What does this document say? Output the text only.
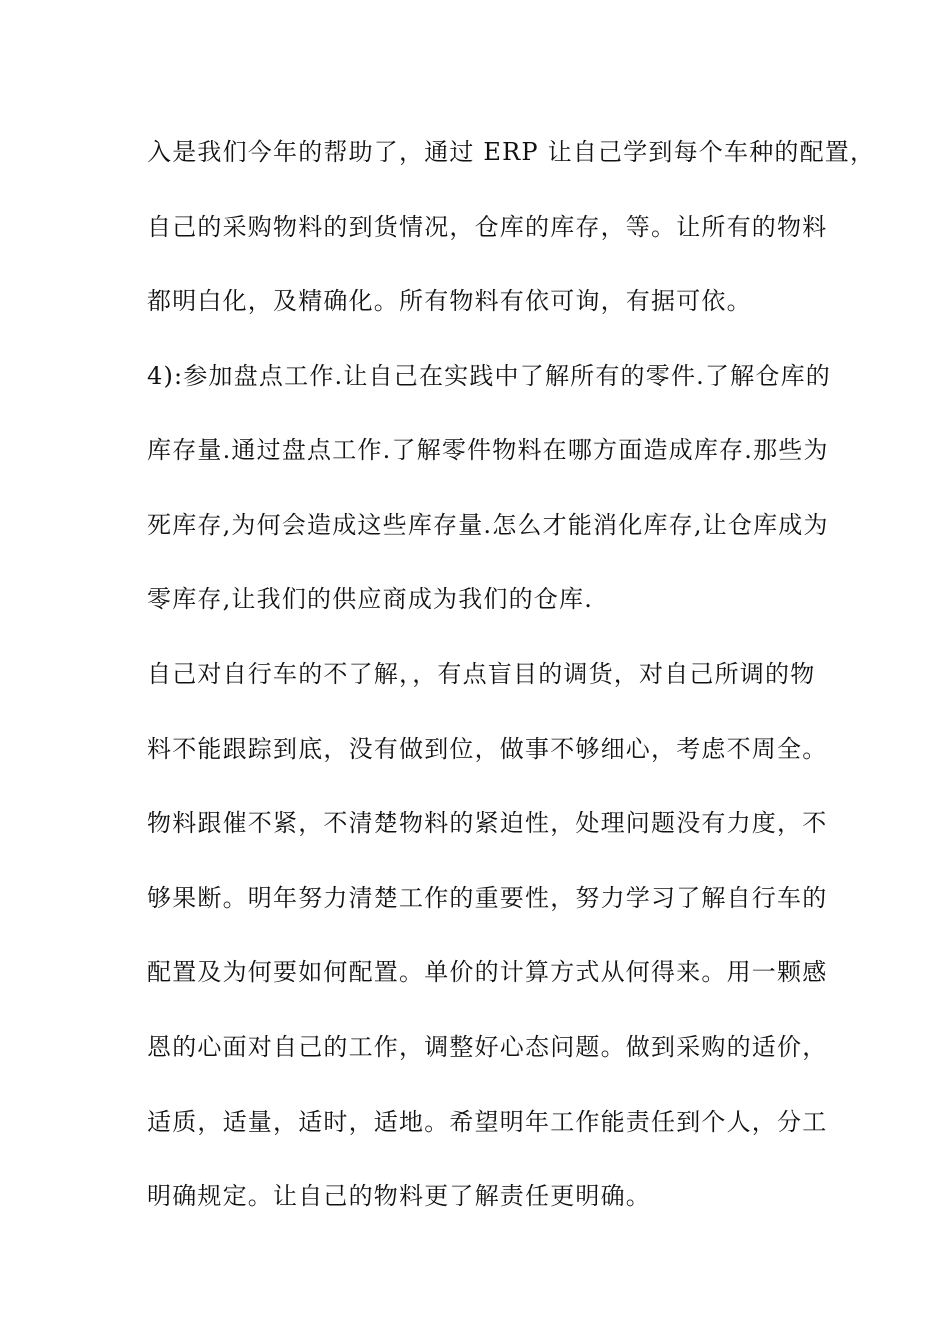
入是我们今年的帮助了，通过 ERP 让自己学到每个车种的配置，
自己的采购物料的到货情况，仓库的库存，等。让所有的物料
都明白化，及精确化。所有物料有依可询，有据可依。
4):参加盘点工作.让自己在实践中了解所有的零件.了解仓库的
库存量.通过盘点工作.了解零件物料在哪方面造成库存.那些为
死库存,为何会造成这些库存量.怎么才能消化库存,让仓库成为
零库存,让我们的供应商成为我们的仓库.
自己对自行车的不了解，，有点盲目的调货，对自己所调的物
料不能跟踪到底，没有做到位，做事不够细心，考虑不周全。
物料跟催不紧，不清楚物料的紧迫性，处理问题没有力度，不
够果断。明年努力清楚工作的重要性，努力学习了解自行车的
配置及为何要如何配置。单价的计算方式从何得来。用一颗感
恩的心面对自己的工作，调整好心态问题。做到采购的适价，
适质，适量，适时，适地。希望明年工作能责任到个人，分工
明确规定。让自己的物料更了解责任更明确。
